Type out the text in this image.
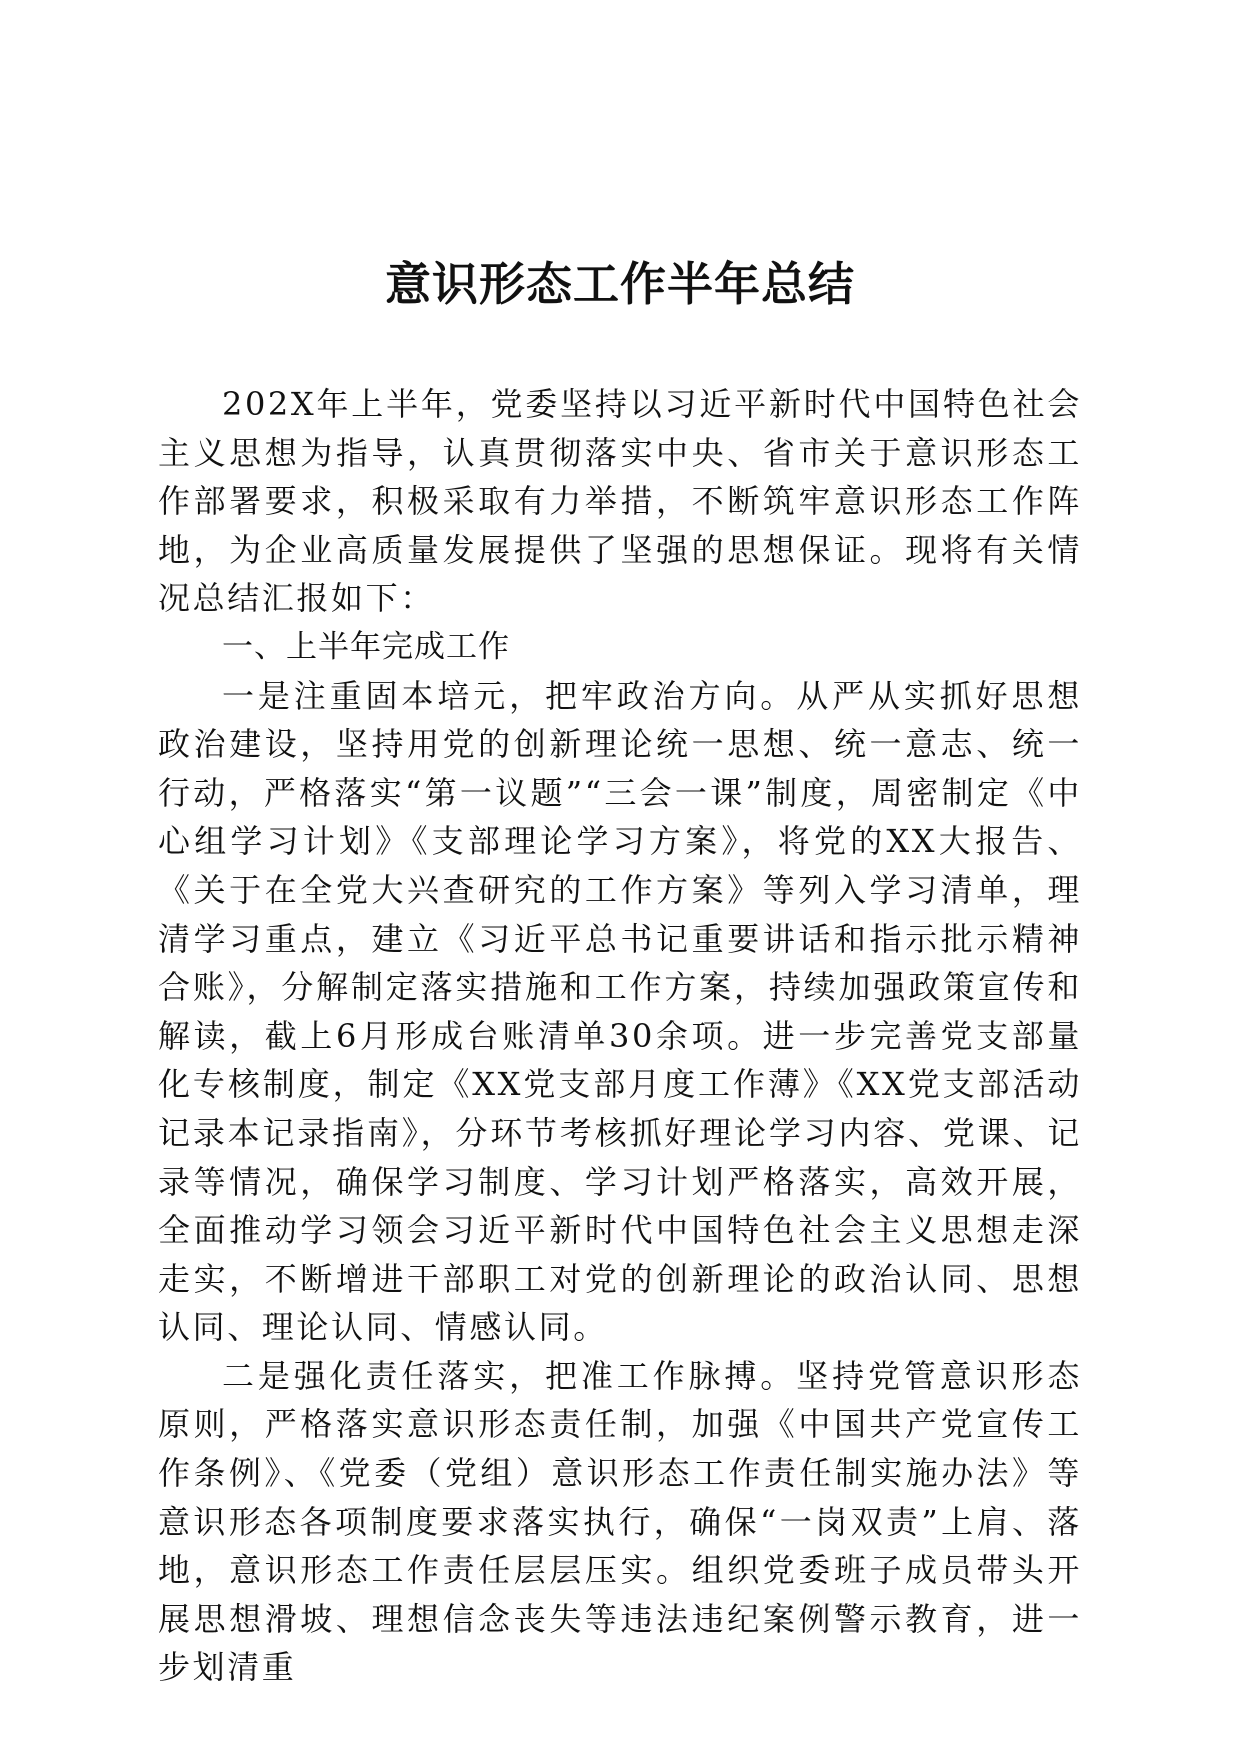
意识形态工作半年总结

202X年上半年，党委坚持以习近平新时代中国特色社会主义思想为指导，认真贯彻落实中央、省市关于意识形态工作部署要求，积极采取有力举措，不断筑牢意识形态工作阵地，为企业高质量发展提供了坚强的思想保证。现将有关情况总结汇报如下：

一、上半年完成工作

一是注重固本培元，把牢政治方向。从严从实抓好思想政治建设，坚持用党的创新理论统一思想、统一意志、统一行动，严格落实“第一议题”“三会一课”制度，周密制定《中心组学习计划》《支部理论学习方案》，将党的XX大报告、《关于在全党大兴查研究的工作方案》等列入学习清单，理清学习重点，建立《习近平总书记重要讲话和指示批示精神合账》，分解制定落实措施和工作方案，持续加强政策宣传和解读，截上6月形成台账清单30余项。进一步完善党支部量化专核制度，制定《XX党支部月度工作薄》《XX党支部活动记录本记录指南》，分环节考核抓好理论学习内容、党课、记录等情况，确保学习制度、学习计划严格落实，高效开展，全面推动学习领会习近平新时代中国特色社会主义思想走深走实，不断增进干部职工对党的创新理论的政治认同、思想认同、理论认同、情感认同。

二是强化责任落实，把准工作脉搏。坚持党管意识形态原则，严格落实意识形态责任制，加强《中国共产党宣传工作条例》、《党委（党组）意识形态工作责任制实施办法》等意识形态各项制度要求落实执行，确保“一岗双责”上肩、落地，意识形态工作责任层层压实。组织党委班子成员带头开展思想滑坡、理想信念丧失等违法违纪案例警示教育，进一步划清重
